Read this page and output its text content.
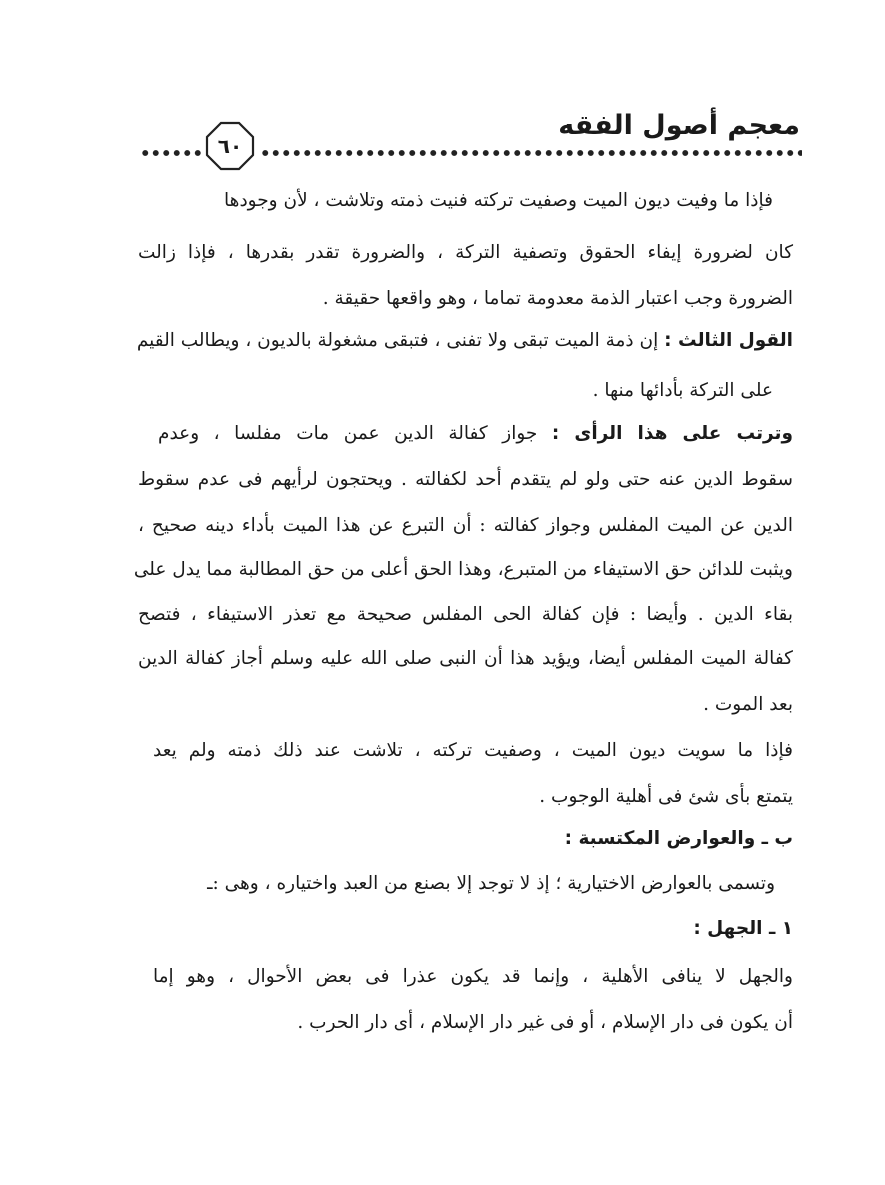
معجم أصول الفقه
٦٠
فإذا ما وفيت ديون الميت وصفيت تركته فنيت ذمته وتلاشت ، لأن وجودها
كان لضرورة إيفاء الحقوق وتصفية التركة ، والضرورة تقدر بقدرها ، فإذا زالت
الضرورة وجب اعتبار الذمة معدومة تماما ، وهو واقعها حقيقة .
القول الثالث : إن ذمة الميت تبقى ولا تفنى ، فتبقى مشغولة بالديون ، ويطالب القيم
على التركة بأدائها منها .
وترتب على هذا الرأى : جواز كفالة الدين عمن مات مفلسا ، وعدم
سقوط الدين عنه حتى ولو لم يتقدم أحد لكفالته . ويحتجون لرأيهم فى عدم سقوط
الدين عن الميت المفلس وجواز كفالته : أن التبرع عن هذا الميت بأداء دينه صحيح ،
ويثبت للدائن حق الاستيفاء من المتبرع، وهذا الحق أعلى من حق المطالبة مما يدل على
بقاء الدين . وأيضا : فإن كفالة الحى المفلس صحيحة مع تعذر الاستيفاء ، فتصح
كفالة الميت المفلس أيضا، ويؤيد هذا أن النبى صلى الله عليه وسلم أجاز كفالة الدين
بعد الموت .
فإذا ما سويت ديون الميت ، وصفيت تركته ، تلاشت عند ذلك ذمته ولم يعد
يتمتع بأى شئ فى أهلية الوجوب .
ب ـ والعوارض المكتسبة :
وتسمى بالعوارض الاختيارية ؛ إذ لا توجد إلا بصنع من العبد واختياره ، وهى :ـ
١ ـ الجهل :
والجهل لا ينافى الأهلية ، وإنما قد يكون عذرا فى بعض الأحوال ، وهو إما
أن يكون فى دار الإسلام ، أو فى غير دار الإسلام ، أى دار الحرب .
